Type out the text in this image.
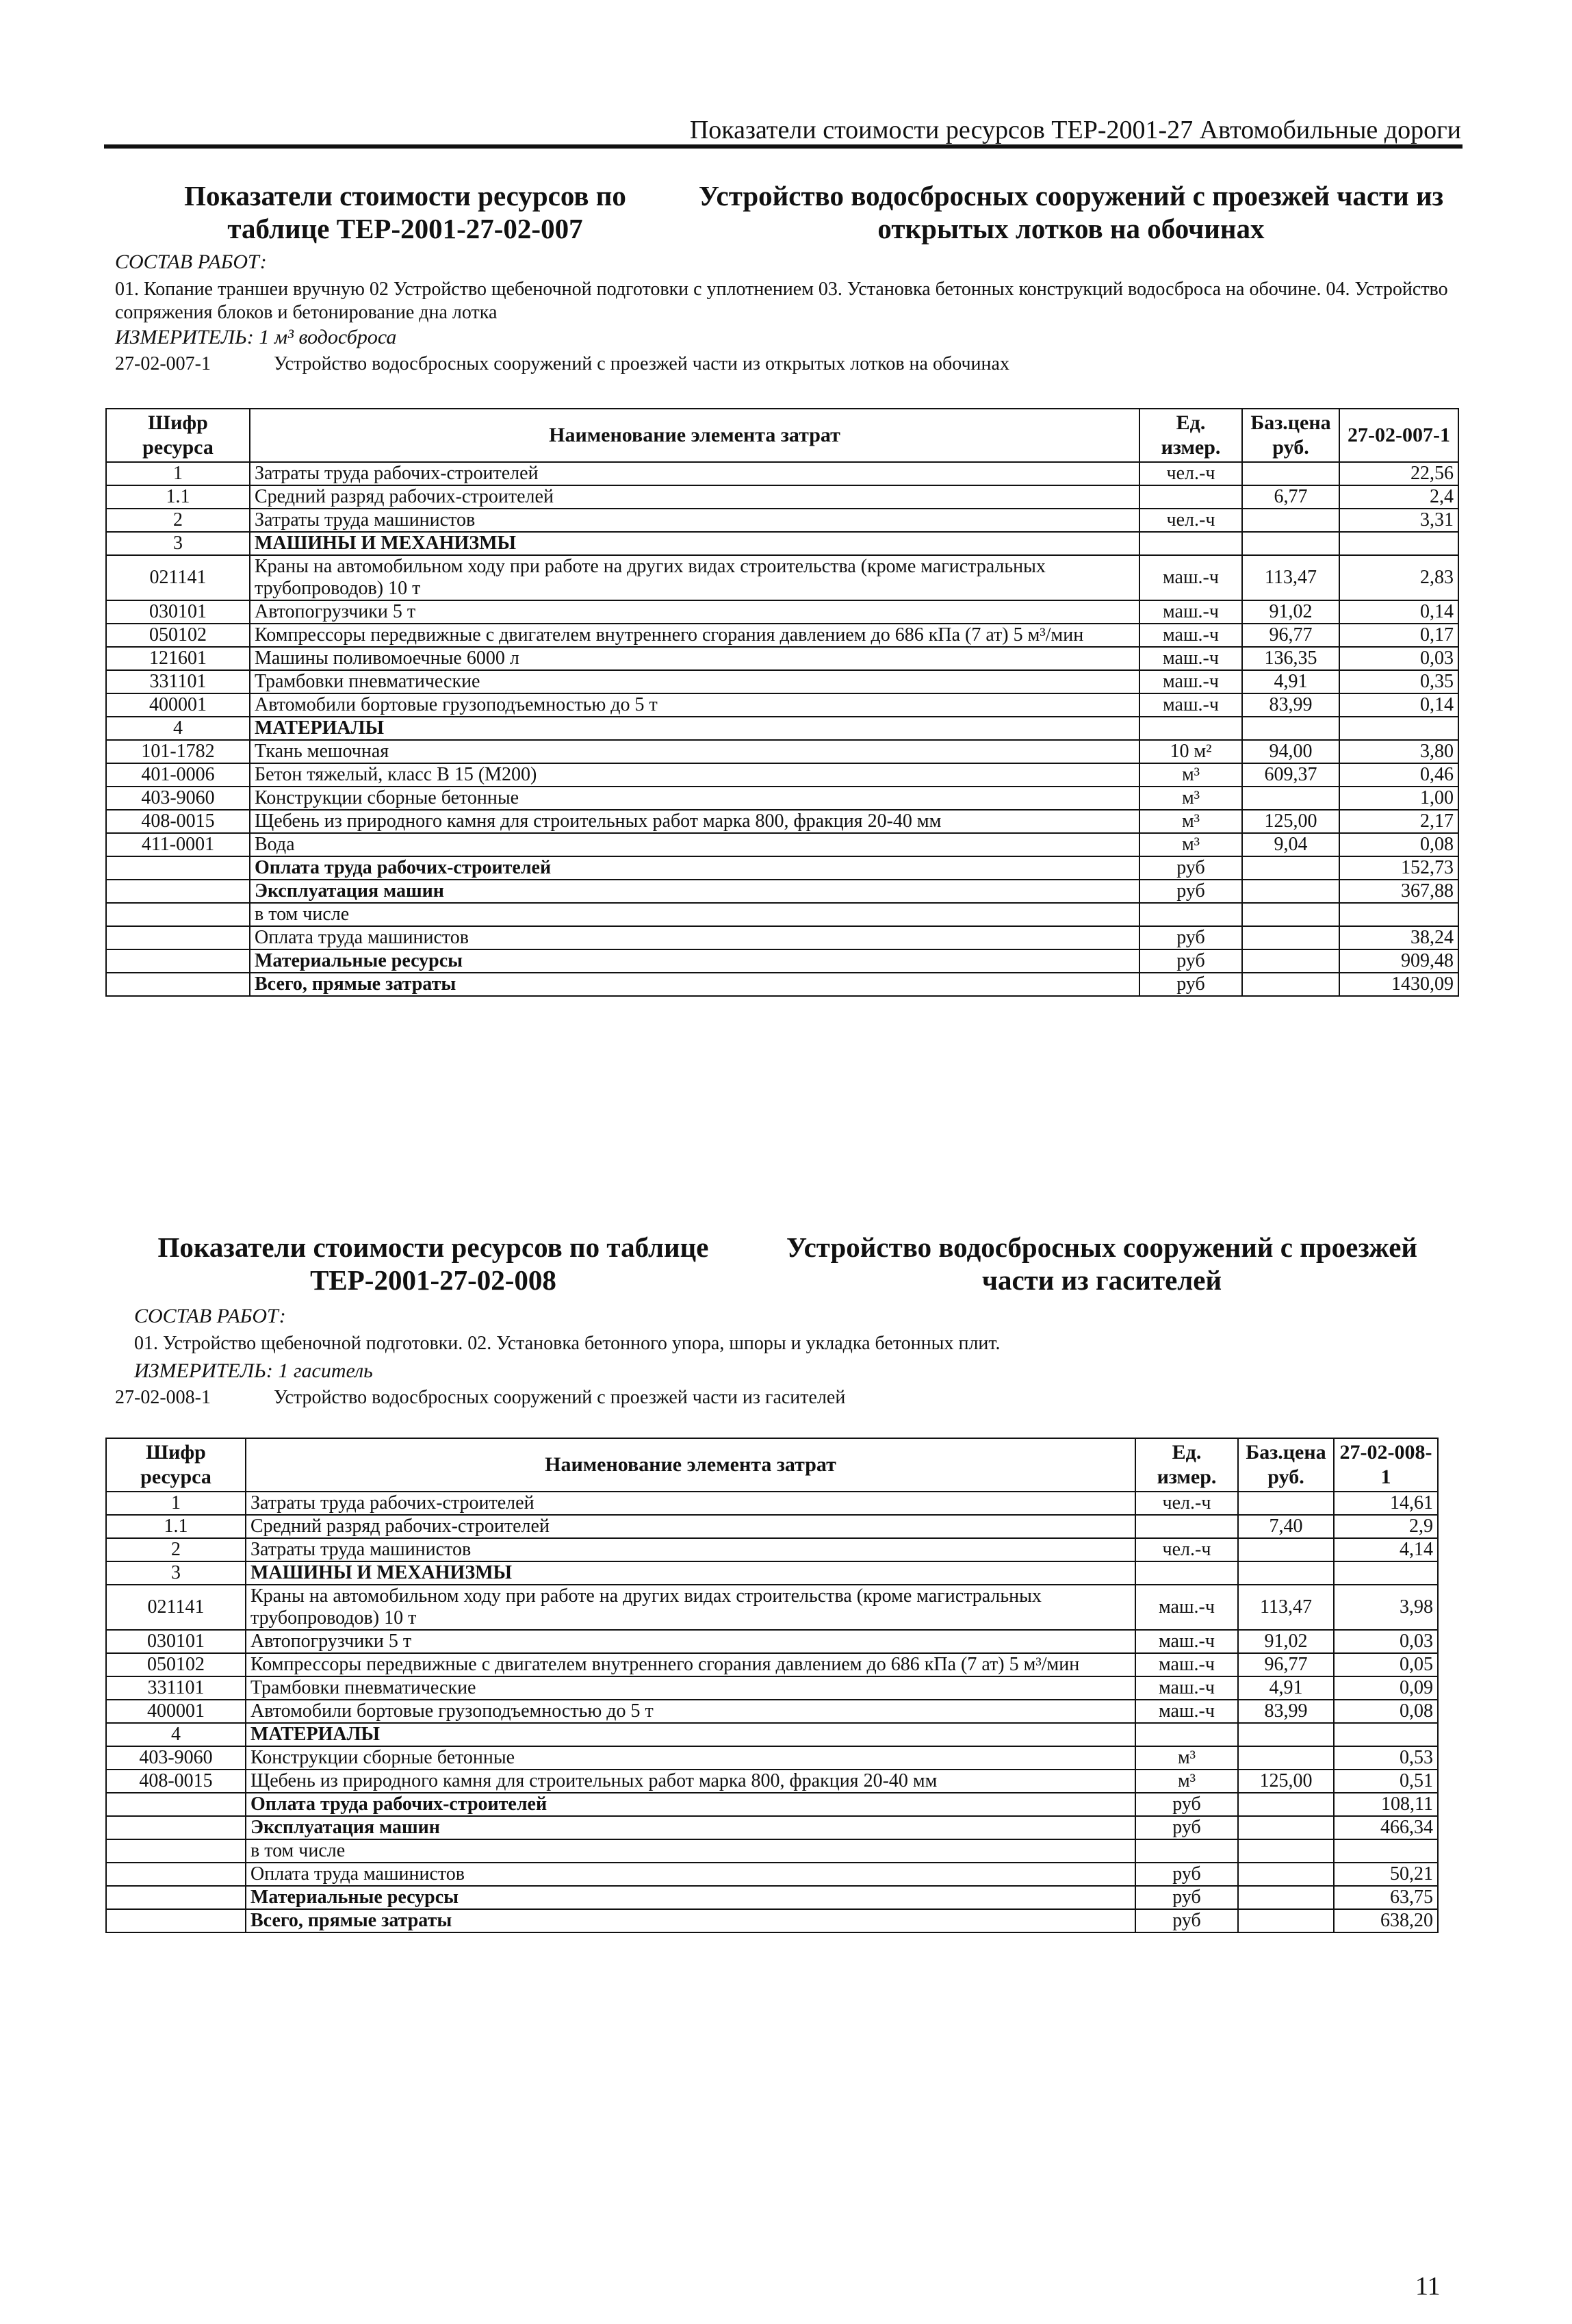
Показатели стоимости ресурсов ТЕР-2001-27 Автомобильные дороги
Показатели стоимости ресурсов по таблице ТЕР-2001-27-02-007
Устройство водосбросных сооружений с проезжей части из открытых лотков на обочинах
СОСТАВ РАБОТ:
01. Копание траншеи вручную 02 Устройство щебеночной подготовки с уплотнением 03. Установка бетонных конструкций водосброса на обочине. 04. Устройство сопряжения блоков и бетонирование дна лотка
ИЗМЕРИТЕЛЬ: 1 м³ водосброса
27-02-007-1	Устройство водосбросных сооружений с проезжей части из открытых лотков на обочинах
Шифр ресурса	Наименование элемента затрат	Ед. измер.	Баз.цена руб.	27-02-007-1
1	Затраты труда рабочих-строителей	чел.-ч		22,56
1.1	Средний разряд рабочих-строителей		6,77	2,4
2	Затраты труда машинистов	чел.-ч		3,31
3	МАШИНЫ И МЕХАНИЗМЫ			
021141	Краны на автомобильном ходу при работе на других видах строительства (кроме магистральных трубопроводов) 10 т	маш.-ч	113,47	2,83
030101	Автопогрузчики 5 т	маш.-ч	91,02	0,14
050102	Компрессоры передвижные с двигателем внутреннего сгорания давлением до 686 кПа (7 ат) 5 м³/мин	маш.-ч	96,77	0,17
121601	Машины поливомоечные 6000 л	маш.-ч	136,35	0,03
331101	Трамбовки пневматические	маш.-ч	4,91	0,35
400001	Автомобили бортовые грузоподъемностью до 5 т	маш.-ч	83,99	0,14
4	МАТЕРИАЛЫ			
101-1782	Ткань мешочная	10 м²	94,00	3,80
401-0006	Бетон тяжелый, класс В 15 (М200)	м³	609,37	0,46
403-9060	Конструкции сборные бетонные	м³		1,00
408-0015	Щебень из природного камня для строительных работ марка 800, фракция 20-40 мм	м³	125,00	2,17
411-0001	Вода	м³	9,04	0,08
	Оплата труда рабочих-строителей	руб		152,73
	Эксплуатация машин	руб		367,88
	в том числе			
	Оплата труда машинистов	руб		38,24
	Материальные ресурсы	руб		909,48
	Всего, прямые затраты	руб		1430,09
Показатели стоимости ресурсов по таблице ТЕР-2001-27-02-008
Устройство водосбросных сооружений с проезжей части из гасителей
СОСТАВ РАБОТ:
01. Устройство щебеночной подготовки. 02. Установка бетонного упора, шпоры и укладка бетонных плит.
ИЗМЕРИТЕЛЬ: 1 гаситель
27-02-008-1	Устройство водосбросных сооружений с проезжей части из гасителей
Шифр ресурса	Наименование элемента затрат	Ед. измер.	Баз.цена руб.	27-02-008-1
1	Затраты труда рабочих-строителей	чел.-ч		14,61
1.1	Средний разряд рабочих-строителей		7,40	2,9
2	Затраты труда машинистов	чел.-ч		4,14
3	МАШИНЫ И МЕХАНИЗМЫ			
021141	Краны на автомобильном ходу при работе на других видах строительства (кроме магистральных трубопроводов) 10 т	маш.-ч	113,47	3,98
030101	Автопогрузчики 5 т	маш.-ч	91,02	0,03
050102	Компрессоры передвижные с двигателем внутреннего сгорания давлением до 686 кПа (7 ат) 5 м³/мин	маш.-ч	96,77	0,05
331101	Трамбовки пневматические	маш.-ч	4,91	0,09
400001	Автомобили бортовые грузоподъемностью до 5 т	маш.-ч	83,99	0,08
4	МАТЕРИАЛЫ			
403-9060	Конструкции сборные бетонные	м³		0,53
408-0015	Щебень из природного камня для строительных работ марка 800, фракция 20-40 мм	м³	125,00	0,51
	Оплата труда рабочих-строителей	руб		108,11
	Эксплуатация машин	руб		466,34
	в том числе			
	Оплата труда машинистов	руб		50,21
	Материальные ресурсы	руб		63,75
	Всего, прямые затраты	руб		638,20
11
